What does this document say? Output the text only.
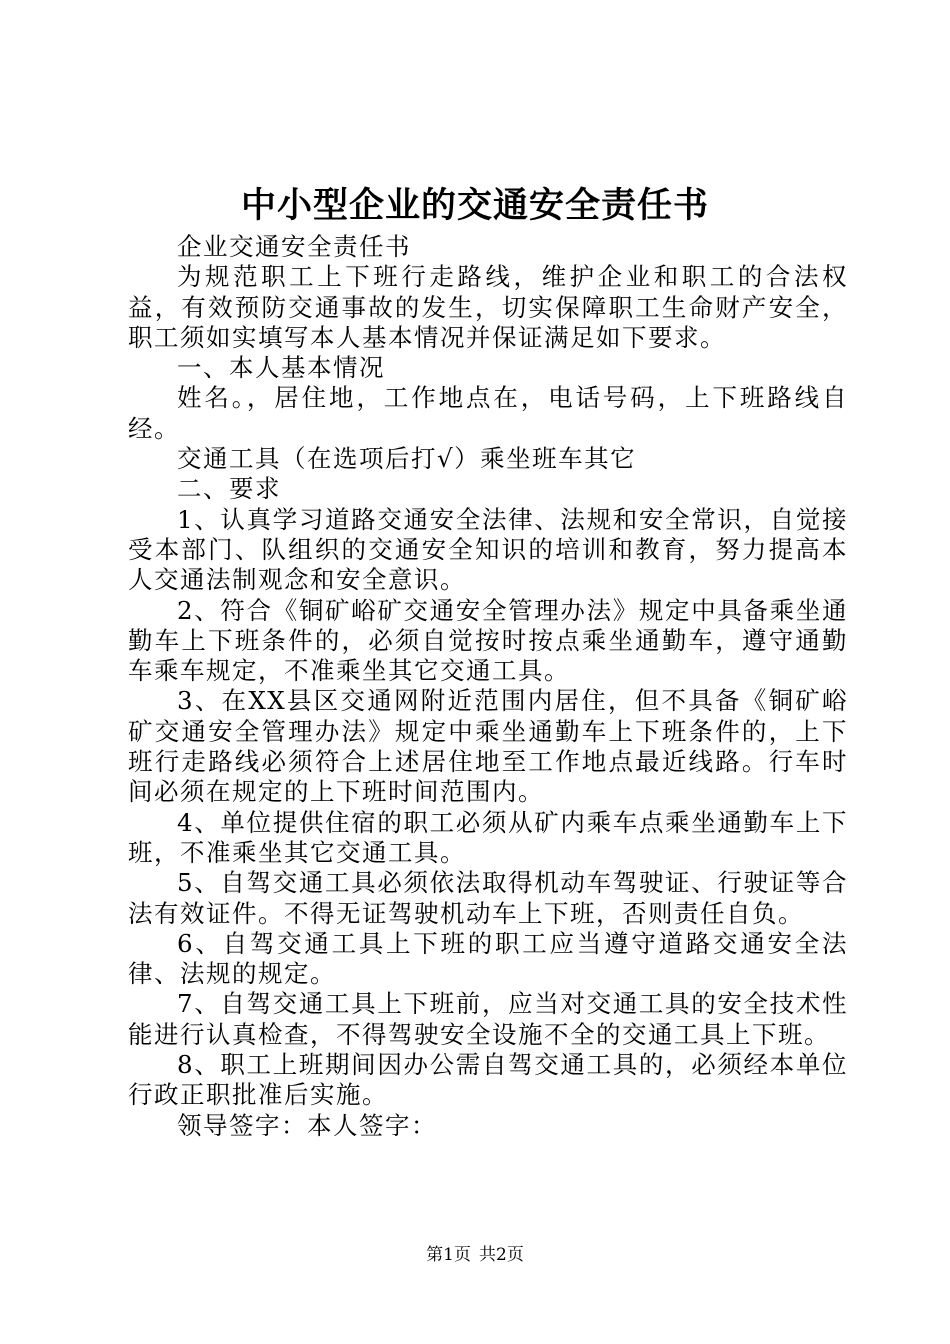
中小型企业的交通安全责任书

企业交通安全责任书

为规范职工上下班行走路线，维护企业和职工的合法权益，有效预防交通事故的发生，切实保障职工生命财产安全，职工须如实填写本人基本情况并保证满足如下要求。

一、本人基本情况

姓名。，居住地，工作地点在，电话号码，上下班路线自经。

交通工具（在选项后打√）乘坐班车其它

二、要求

1、认真学习道路交通安全法律、法规和安全常识，自觉接受本部门、队组织的交通安全知识的培训和教育，努力提高本人交通法制观念和安全意识。

2、符合《铜矿峪矿交通安全管理办法》规定中具备乘坐通勤车上下班条件的，必须自觉按时按点乘坐通勤车，遵守通勤车乘车规定，不准乘坐其它交通工具。

3、在XX县区交通网附近范围内居住，但不具备《铜矿峪矿交通安全管理办法》规定中乘坐通勤车上下班条件的，上下班行走路线必须符合上述居住地至工作地点最近线路。行车时间必须在规定的上下班时间范围内。

4、单位提供住宿的职工必须从矿内乘车点乘坐通勤车上下班，不准乘坐其它交通工具。

5、自驾交通工具必须依法取得机动车驾驶证、行驶证等合法有效证件。不得无证驾驶机动车上下班，否则责任自负。

6、自驾交通工具上下班的职工应当遵守道路交通安全法律、法规的规定。

7、自驾交通工具上下班前，应当对交通工具的安全技术性能进行认真检查，不得驾驶安全设施不全的交通工具上下班。

8、职工上班期间因办公需自驾交通工具的，必须经本单位行政正职批准后实施。

领导签字：本人签字：

第1页 共2页
